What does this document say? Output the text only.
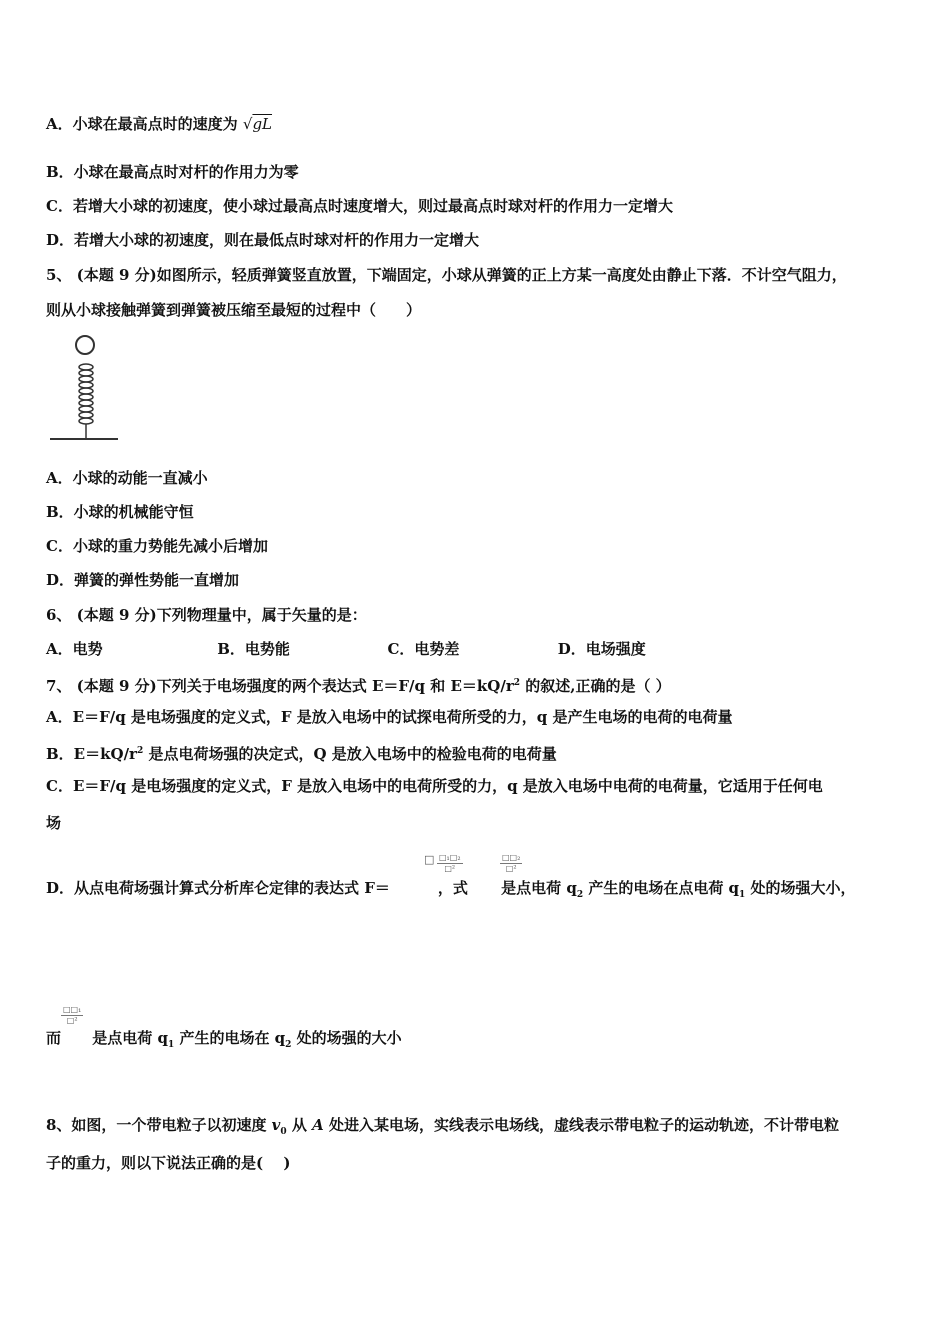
A．小球在最高点时的速度为 √gL
B．小球在最高点时对杆的作用力为零
C．若增大小球的初速度，使小球过最高点时速度增大，则过最高点时球对杆的作用力一定增大
D．若增大小球的初速度，则在最低点时球对杆的作用力一定增大
5、 (本题 9 分)如图所示，轻质弹簧竖直放置，下端固定，小球从弹簧的正上方某一高度处由静止下落．不计空气阻力，
则从小球接触弹簧到弹簧被压缩至最短的过程中（　　）
A．小球的动能一直减小
B．小球的机械能守恒
C．小球的重力势能先减小后增加
D．弹簧的弹性势能一直增加
6、 (本题 9 分)下列物理量中，属于矢量的是：
A．电势	B．电势能	C．电势差	D．电场强度
7、 (本题 9 分)下列关于电场强度的两个表达式 E＝F/q 和 $E=kQ/r^2$ 的叙述,正确的是（ ）
A．E＝F/q 是电场强度的定义式，F 是放入电场中的试探电荷所受的力，q 是产生电场的电荷的电荷量
B．$E=kQ/r^2$ 是点电荷场强的决定式，Q 是放入电场中的检验电荷的电荷量
C．E＝F/q 是电场强度的定义式，F 是放入电场中的电荷所受的力，q 是放入电场中电荷的电荷量，它适用于任何电
场
□ □₁□₂
□²
□□₂
□²
D．从点电荷场强计算式分析库仑定律的表达式 F＝	，式 是点电荷 $q_2$ 产生的电场在点电荷 $q_1$ 处的场强大小，
□□₁
□²
而 是点电荷 $q_1$ 产生的电场在 $q_2$ 处的场强的大小
8、如图，一个带电粒子以初速度 $v_0$ 从 A 处进入某电场，实线表示电场线，虚线表示带电粒子的运动轨迹，不计带电粒
子的重力，则以下说法正确的是(　 )
